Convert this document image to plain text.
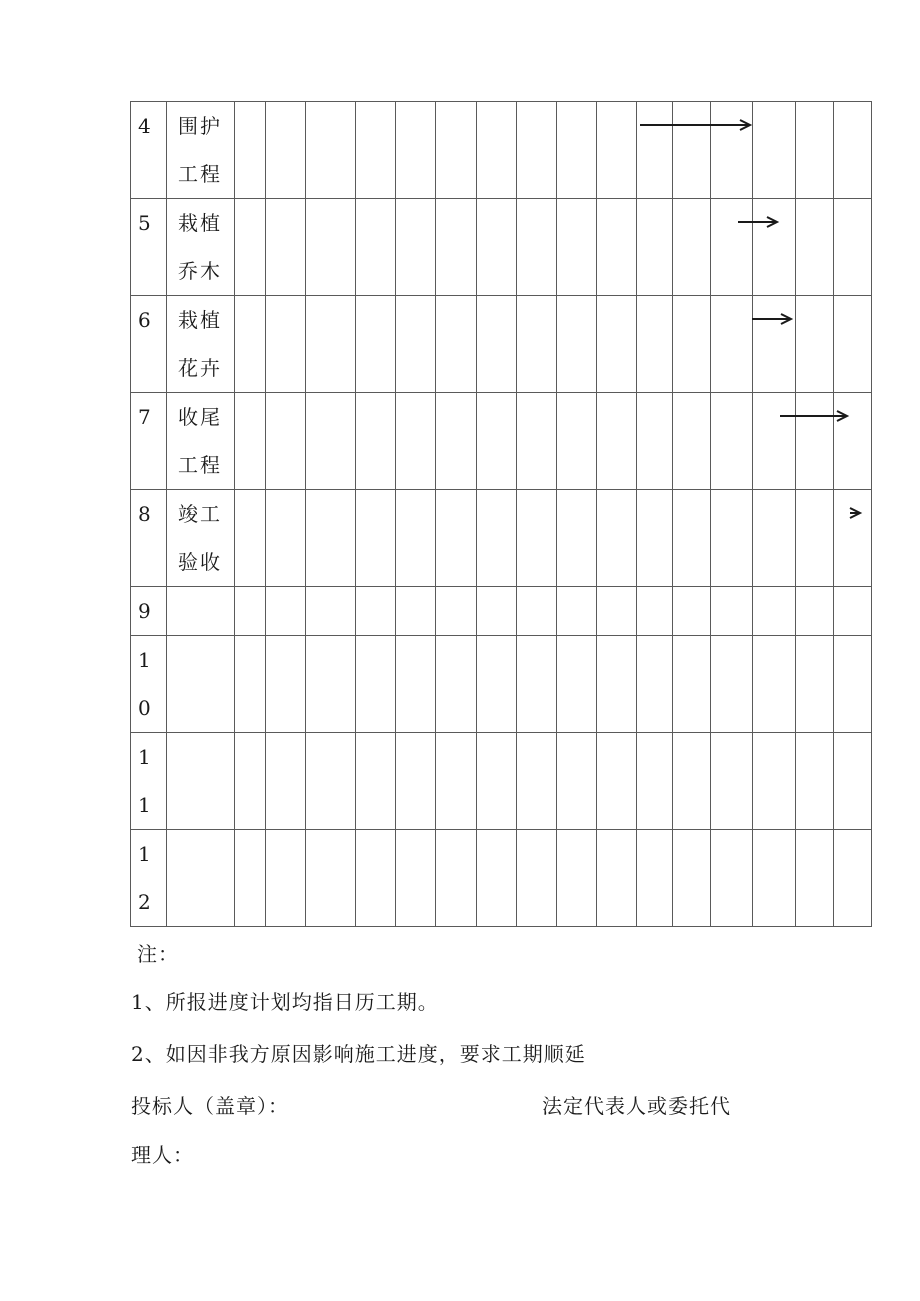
4	围护
工程																

5	栽植
乔木																

6	栽植
花卉																

7	收尾
工程																

8	竣工
验收																

9																	

1
0																	

1
1																	

1
2																	

注：
1、所报进度计划均指日历工期。
2、如因非我方原因影响施工进度，要求工期顺延
投标人（盖章）：	法定代表人或委托代
理人：
